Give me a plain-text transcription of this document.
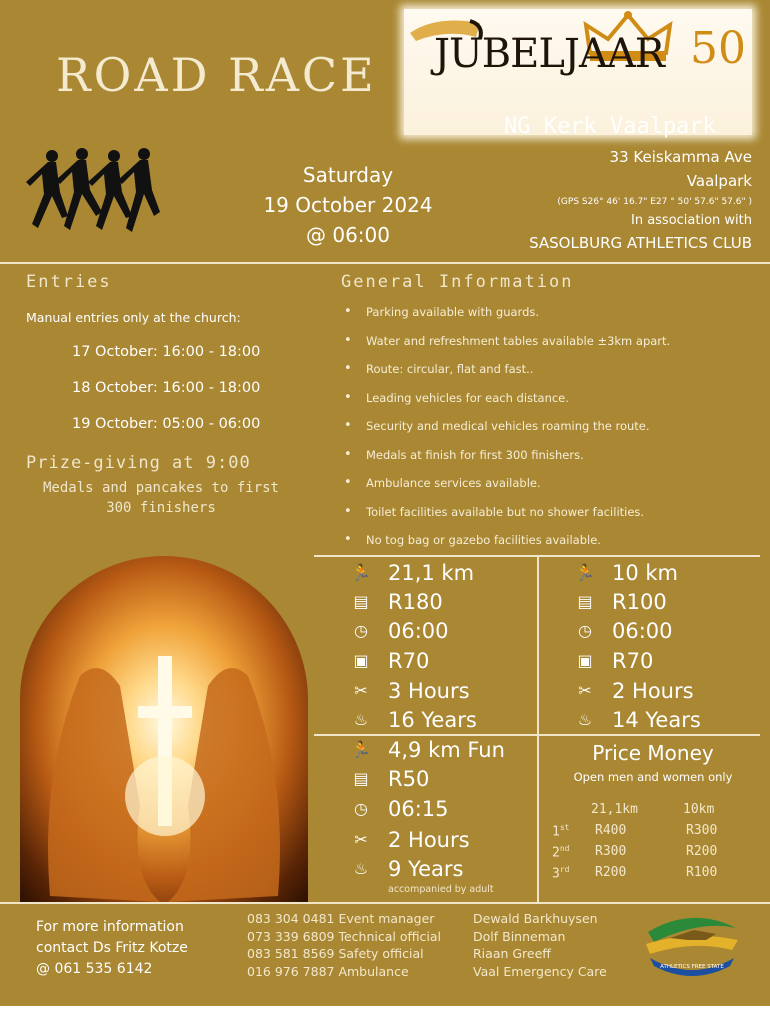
ROAD RACE JUBELJAAR 50
NG Kerk Vaalpark
Saturday
19 October 2024
@ 06:00
33 Keiskamma Ave
Vaalpark
(GPS S26° 46' 16.7" E27 ° 50' 57.6" 57.6" )
In association with
SASOLBURG ATHLETICS CLUB
Entries
Manual entries only at the church:
17 October: 16:00 - 18:00
18 October: 16:00 - 18:00
19 October: 05:00 - 06:00
Prize-giving at 9:00
Medals and pancakes to first
300 finishers
General Information
• Parking available with guards.
• Water and refreshment tables available ±3km apart.
• Route: circular, flat and fast..
• Leading vehicles for each distance.
• Security and medical vehicles roaming the route.
• Medals at finish for first 300 finishers.
• Ambulance services available.
• Toilet facilities available but no shower facilities.
• No tog bag or gazebo facilities available.
🏃 21,1 km
▤ R180
◷ 06:00
▣ R70
✂ 3 Hours
♨ 16 Years
🏃 10 km
▤ R100
◷ 06:00
▣ R70
✂ 2 Hours
♨ 14 Years
🏃 4,9 km Fun
▤ R50
◷ 06:15
✂ 2 Hours
♨ 9 Years
accompanied by adult
Price Money
Open men and women only
21,1km	10km
1st R400	R300
2nd R300	R200
3rd R200	R100
For more information
contact Ds Fritz Kotze
@ 061 535 6142
083 304 0481 Event manager
073 339 6809 Technical official
083 581 8569 Safety official
016 976 7887 Ambulance
Dewald Barkhuysen
Dolf Binneman
Riaan Greeff
Vaal Emergency Care	ATHLETICS FREE STATE
